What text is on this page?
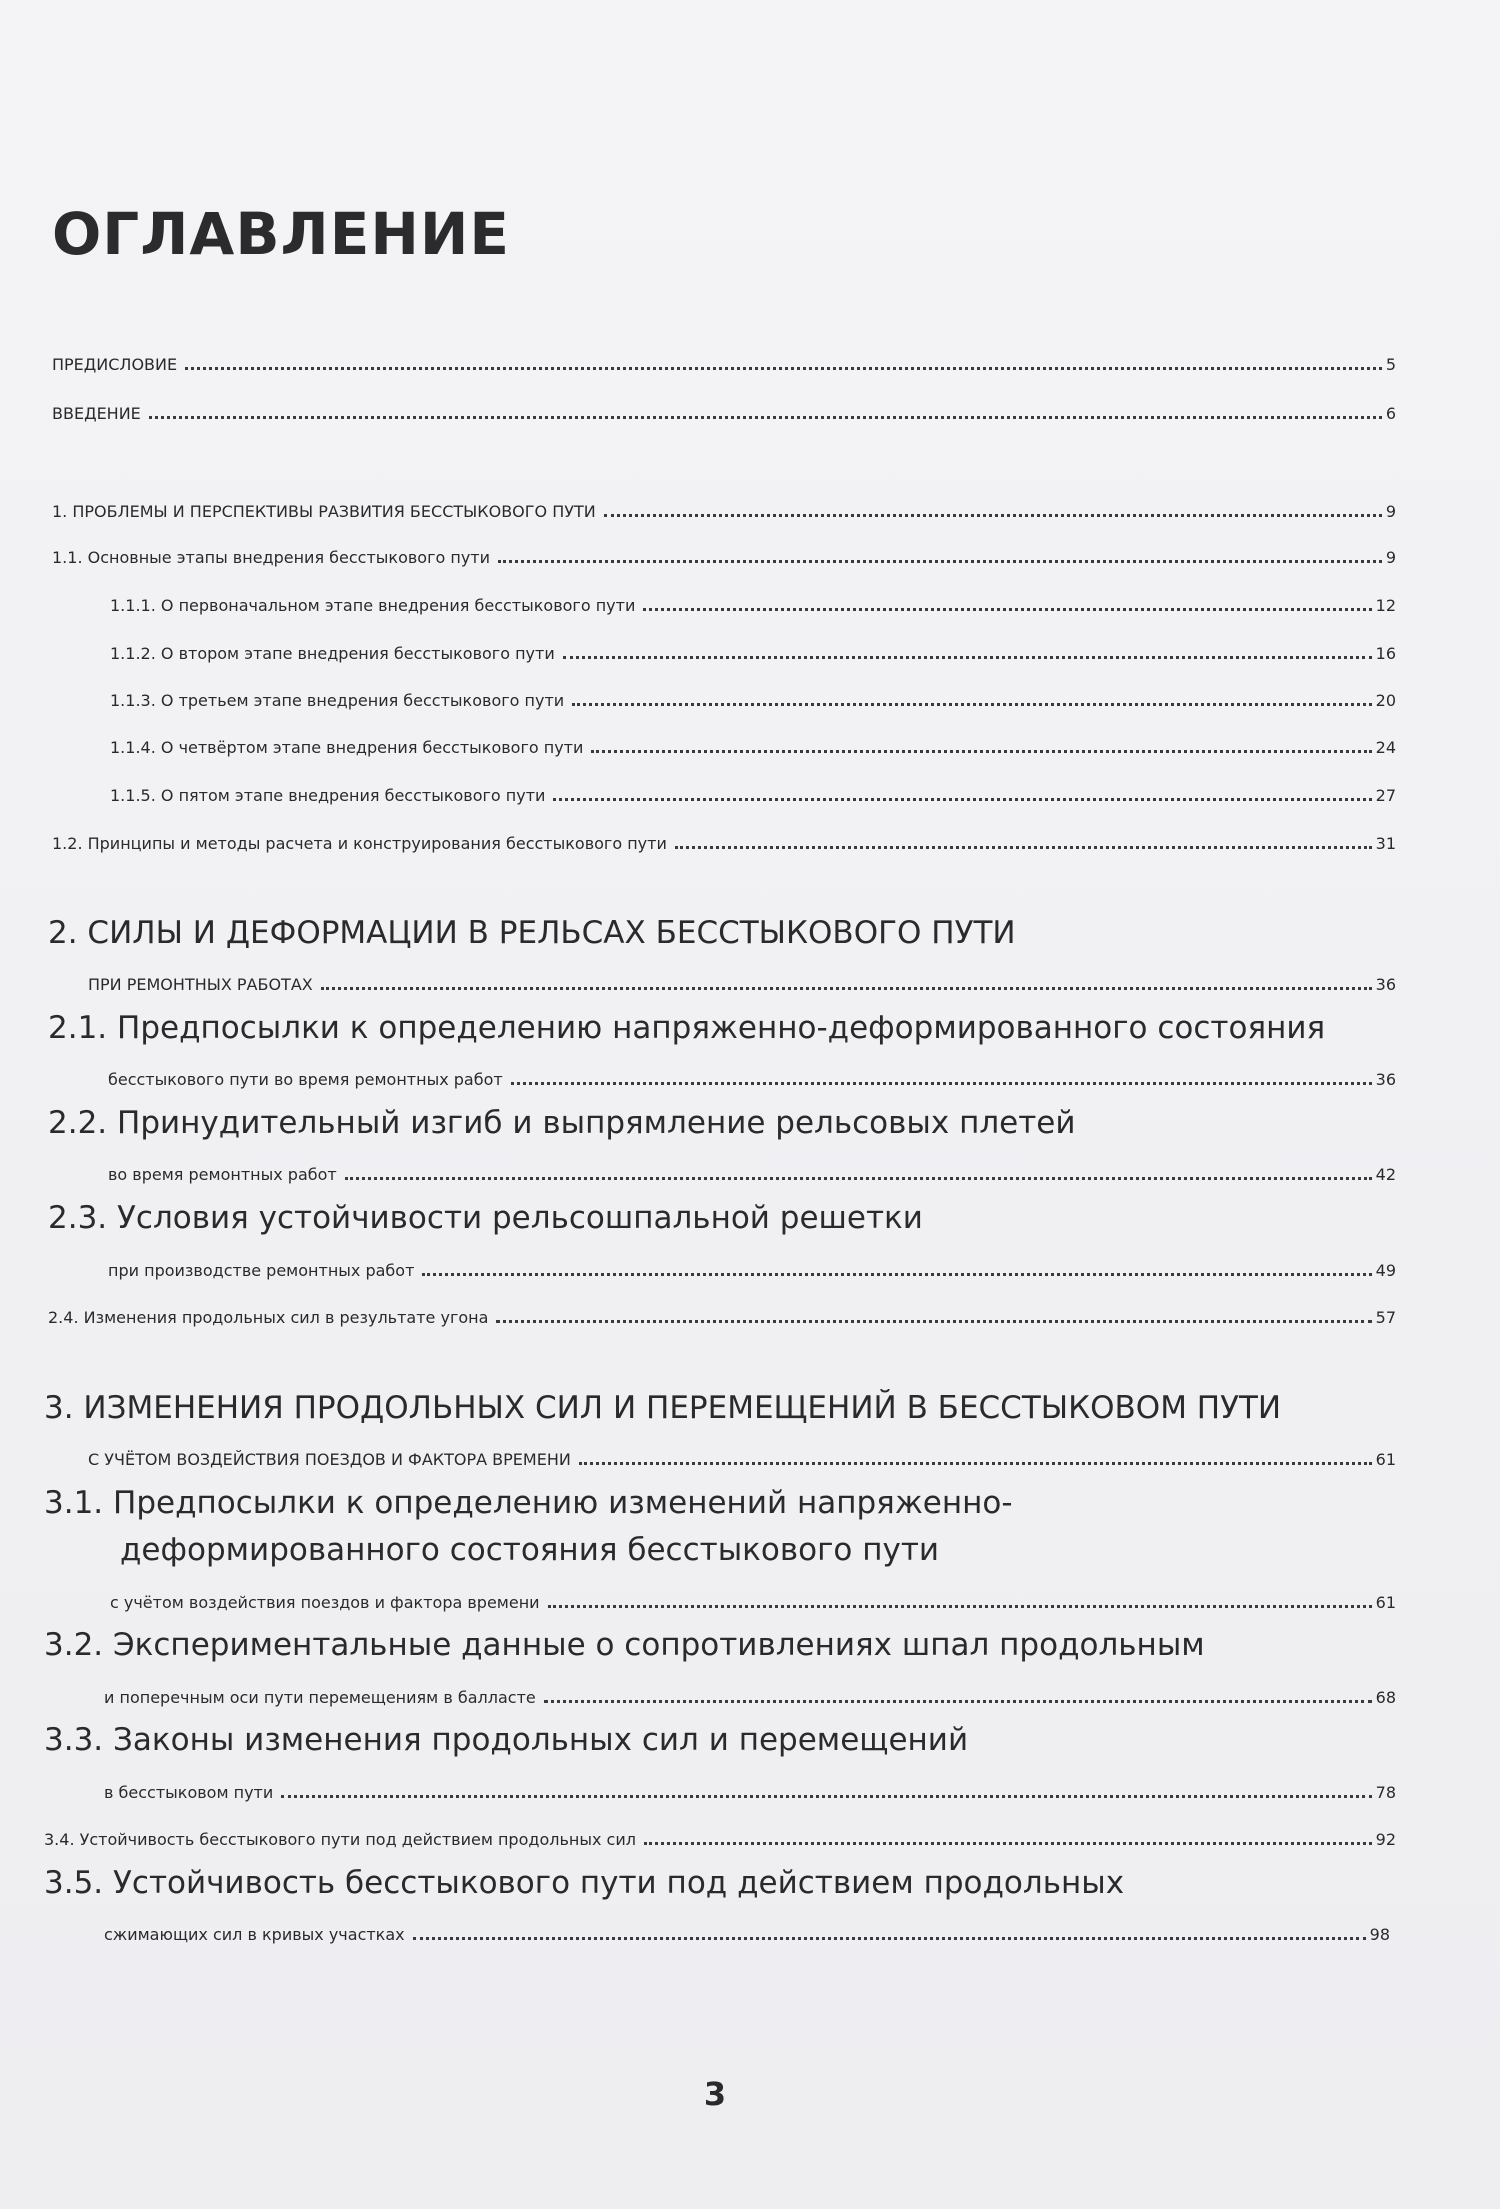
ОГЛАВЛЕНИЕ
ПРЕДИСЛОВИЕ	5
ВВЕДЕНИЕ	6
1. ПРОБЛЕМЫ И ПЕРСПЕКТИВЫ РАЗВИТИЯ БЕССТЫКОВОГО ПУТИ	9
1.1. Основные этапы внедрения бесстыкового пути	9
1.1.1. О первоначальном этапе внедрения бесстыкового пути	12
1.1.2. О втором этапе внедрения бесстыкового пути	16
1.1.3. О третьем этапе внедрения бесстыкового пути	20
1.1.4. О четвёртом этапе внедрения бесстыкового пути	24
1.1.5. О пятом этапе внедрения бесстыкового пути	27
1.2. Принципы и методы расчета и конструирования бесстыкового пути	31
2. СИЛЫ И ДЕФОРМАЦИИ В РЕЛЬСАХ БЕССТЫКОВОГО ПУТИ
ПРИ РЕМОНТНЫХ РАБОТАХ	36
2.1. Предпосылки к определению напряженно-деформированного состояния
бесстыкового пути во время ремонтных работ	36
2.2. Принудительный изгиб и выпрямление рельсовых плетей
во время ремонтных работ	42
2.3. Условия устойчивости рельсошпальной решетки
при производстве ремонтных работ	49
2.4. Изменения продольных сил в результате угона	57
3. ИЗМЕНЕНИЯ ПРОДОЛЬНЫХ СИЛ И ПЕРЕМЕЩЕНИЙ В БЕССТЫКОВОМ ПУТИ
С УЧЁТОМ ВОЗДЕЙСТВИЯ ПОЕЗДОВ И ФАКТОРА ВРЕМЕНИ	61
3.1. Предпосылки к определению изменений напряженно-
деформированного состояния бесстыкового пути
с учётом воздействия поездов и фактора времени	61
3.2. Экспериментальные данные о сопротивлениях шпал продольным
и поперечным оси пути перемещениям в балласте	68
3.3. Законы изменения продольных сил и перемещений
в бесстыковом пути	78
3.4. Устойчивость бесстыкового пути под действием продольных сил	92
3.5. Устойчивость бесстыкового пути под действием продольных
сжимающих сил в кривых участках	98
3
